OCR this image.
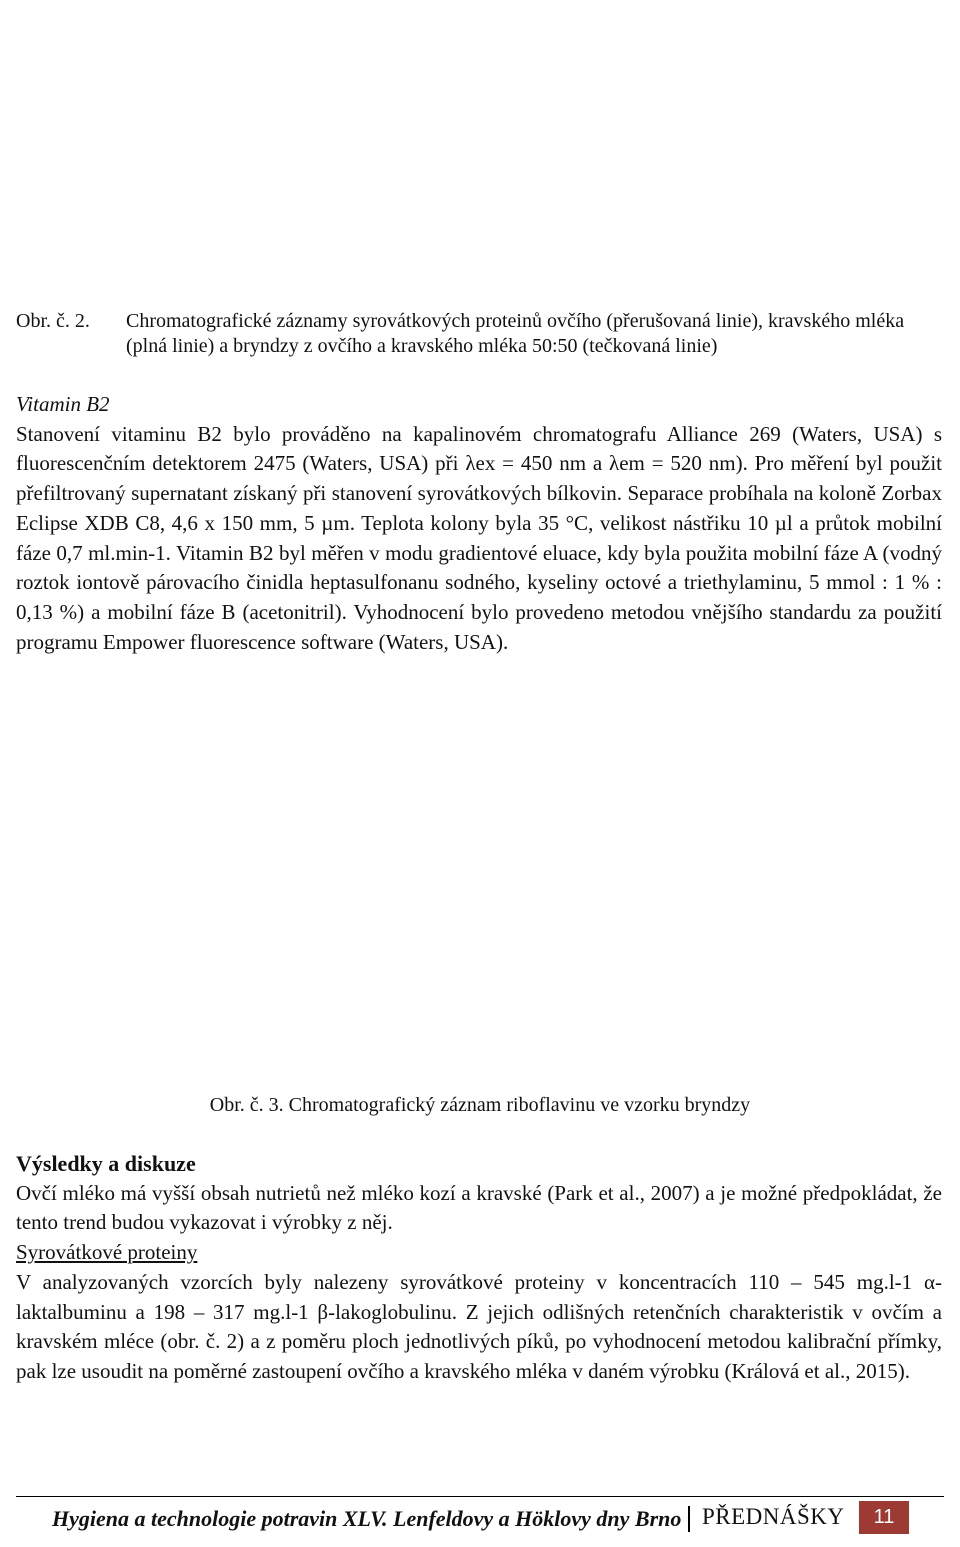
Obr. č. 2. Chromatografické záznamy syrovátkových proteinů ovčího (přerušovaná linie), kravského mléka (plná linie) a bryndzy z ovčího a kravského mléka 50:50 (tečkovaná linie)

Vitamin B2

Stanovení vitaminu B2 bylo prováděno na kapalinovém chromatografu Alliance 269 (Waters, USA) s fluorescenčním detektorem 2475 (Waters, USA) při λex = 450 nm a λem = 520 nm). Pro měření byl použit přefiltrovaný supernatant získaný při stanovení syrovátkových bílkovin. Separace probíhala na koloně Zorbax Eclipse XDB C8, 4,6 x 150 mm, 5 µm. Teplota kolony byla 35 °C, velikost nástřiku 10 µl a průtok mobilní fáze 0,7 ml.min-1. Vitamin B2 byl měřen v modu gradientové eluace, kdy byla použita mobilní fáze A (vodný roztok iontově párovacího činidla heptasulfonanu sodného, kyseliny octové a triethylaminu, 5 mmol : 1 % : 0,13 %) a mobilní fáze B (acetonitril). Vyhodnocení bylo provedeno metodou vnějšího standardu za použití programu Empower fluorescence software (Waters, USA).

Obr. č. 3. Chromatografický záznam riboflavinu ve vzorku bryndzy

Výsledky a diskuze

Ovčí mléko má vyšší obsah nutrietů než mléko kozí a kravské (Park et al., 2007) a je možné předpokládat, že tento trend budou vykazovat i výrobky z něj.

Syrovátkové proteiny

V analyzovaných vzorcích byly nalezeny syrovátkové proteiny v koncentracích 110 – 545 mg.l-1 α-laktalbuminu a 198 – 317 mg.l-1 β-lakoglobulinu. Z jejich odlišných retenčních charakteristik v ovčím a kravském mléce (obr. č. 2) a z poměru ploch jednotlivých píků, po vyhodnocení metodou kalibrační přímky, pak lze usoudit na poměrné zastoupení ovčího a kravského mléka v daném výrobku (Králová et al., 2015).

Hygiena a technologie potravin XLV. Lenfeldovy a Höklovy dny Brno PŘEDNÁŠKY	11
